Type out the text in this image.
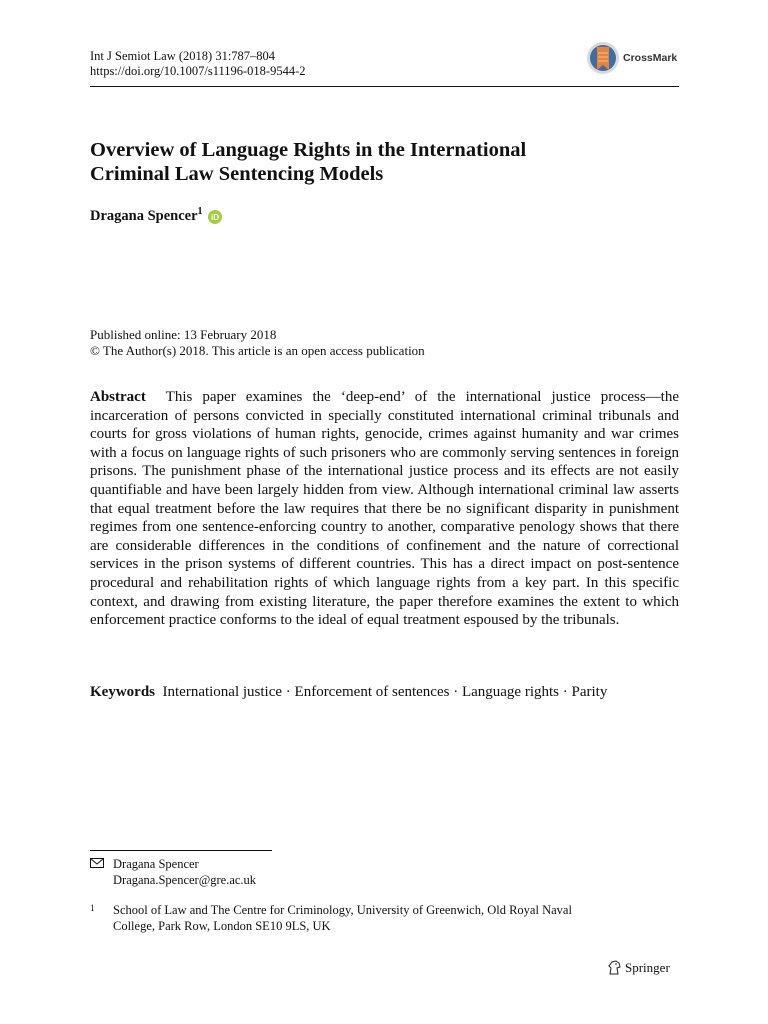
Int J Semiot Law (2018) 31:787–804
https://doi.org/10.1007/s11196-018-9544-2
CrossMark
Overview of Language Rights in the International
Criminal Law Sentencing Models
Dragana Spencer$^1$
iD
Published online: 13 February 2018
© The Author(s) 2018. This article is an open access publication
Abstract This paper examines the ‘deep-end’ of the international justice process—the incarceration of persons convicted in specially constituted international criminal tribunals and courts for gross violations of human rights, genocide, crimes against humanity and war crimes with a focus on language rights of such prisoners who are commonly serving sentences in foreign prisons. The punishment phase of the international justice process and its effects are not easily quantifiable and have been largely hidden from view. Although international criminal law asserts that equal treatment before the law requires that there be no significant disparity in punishment regimes from one sentence-enforcing country to another, comparative penology shows that there are considerable differences in the conditions of confinement and the nature of correctional services in the prison systems of different countries. This has a direct impact on post-sentence procedural and rehabilitation rights of which language rights from a key part. In this specific context, and drawing from existing literature, the paper therefore examines the extent to which enforcement practice conforms to the ideal of equal treatment espoused by the tribunals.
Keywords International justice · Enforcement of sentences · Language rights · Parity
Dragana Spencer
Dragana.Spencer@gre.ac.uk
1 School of Law and The Centre for Criminology, University of Greenwich, Old Royal Naval
College, Park Row, London SE10 9LS, UK
Springer
